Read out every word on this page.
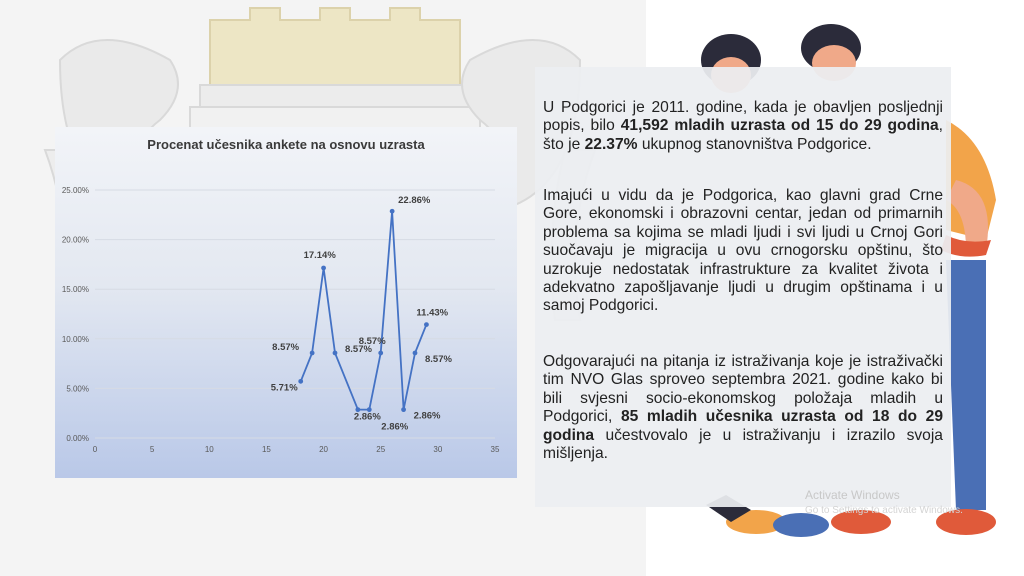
Procenat učesnika ankete na osnovu uzrasta
0.00%
5.00%
10.00%
15.00%
20.00%
25.00%
0	5	10	15	20	25	30	35
5.71%
8.57%
17.14%
8.57%
2.86%
2.86%
8.57%
22.86%
2.86%
8.57%
11.43%

U Podgorici je 2011. godine, kada je obavljen posljednji popis, bilo 41,592 mladih uzrasta od 15 do 29 godina, što je 22.37% ukupnog stanovništva Podgorice.

Imajući u vidu da je Podgorica, kao glavni grad Crne Gore, ekonomski i obrazovni centar, jedan od primarnih problema sa kojima se mladi ljudi i svi ljudi u Crnoj Gori suočavaju je migracija u ovu crnogorsku opštinu, što uzrokuje nedostatak infrastrukture za kvalitet života i adekvatno zapošljavanje ljudi u drugim opštinama i u samoj Podgorici.

Odgovarajući na pitanja iz istraživanja koje je istraživački tim NVO Glas sproveo septembra 2021. godine kako bi bili svjesni socio-ekonomskog položaja mladih u Podgorici, 85 mladih učesnika uzrasta od 18 do 29 godina učestvovalo je u istraživanju i izrazilo svoja mišljenja.

Activate Windows
Go to Settings to activate Windows.
